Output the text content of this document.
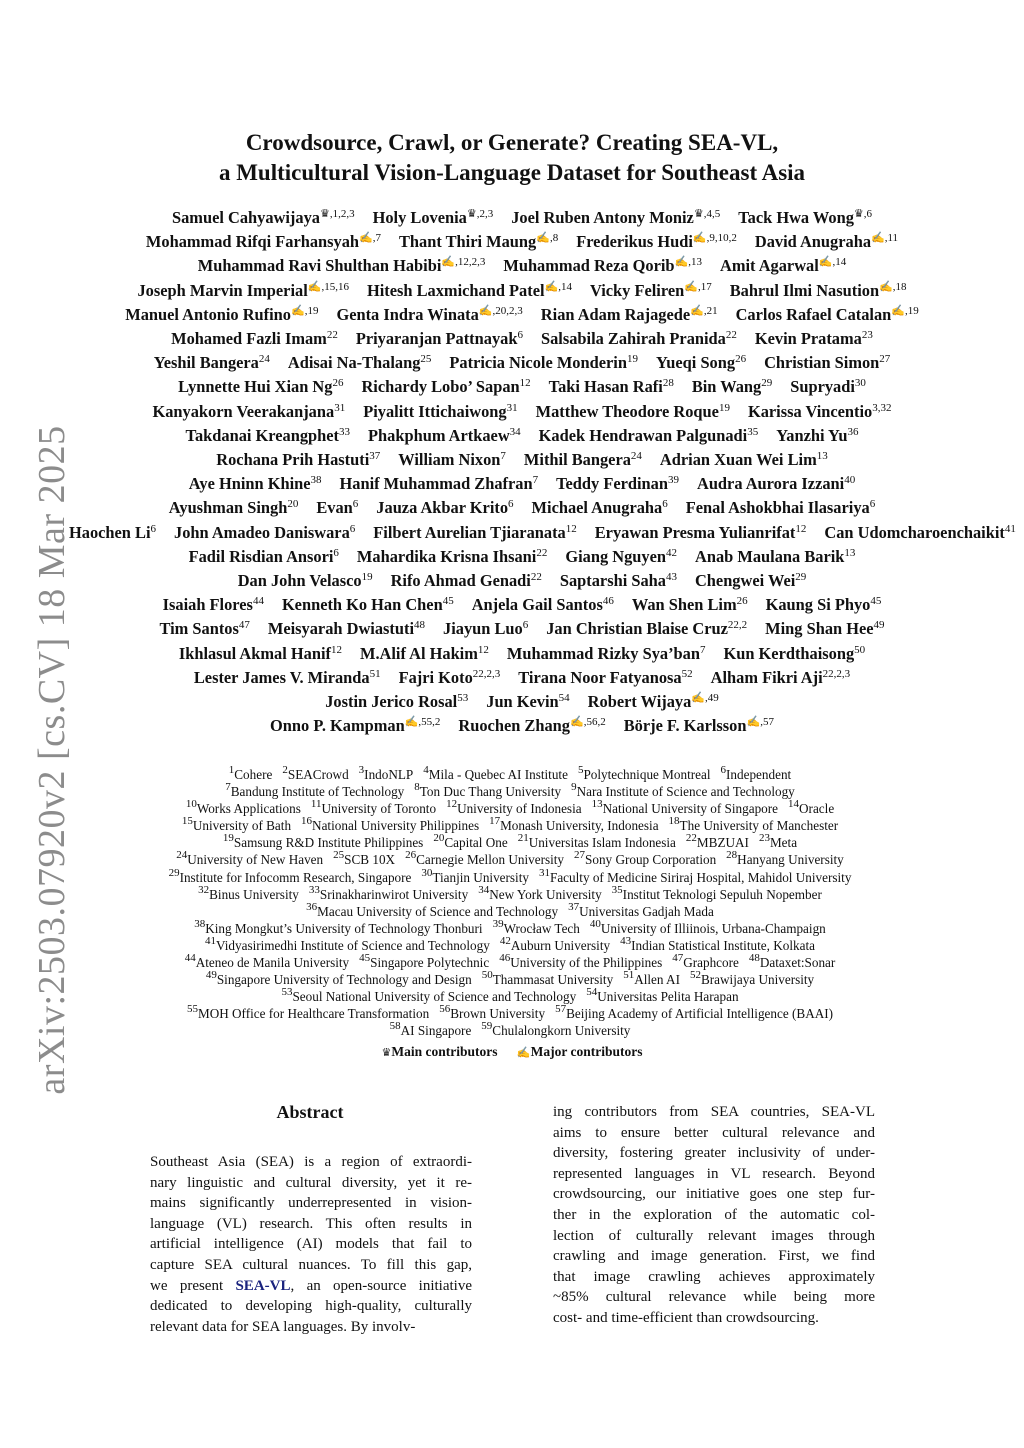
arXiv:2503.07920v2 [cs.CV] 18 Mar 2025
Crowdsource, Crawl, or Generate? Creating SEA-VL,
a Multicultural Vision-Language Dataset for Southeast Asia
Samuel Cahyawijaya$^{♛,1,2,3}$ Holy Lovenia$^{♛,2,3}$ Joel Ruben Antony Moniz$^{♛,4,5}$ Tack Hwa Wong$^{♛,6}$
Mohammad Rifqi Farhansyah$^{✍,7}$ Thant Thiri Maung$^{✍,8}$ Frederikus Hudi$^{✍,9,10,2}$ David Anugraha$^{✍,11}$
Muhammad Ravi Shulthan Habibi$^{✍,12,2,3}$ Muhammad Reza Qorib$^{✍,13}$ Amit Agarwal$^{✍,14}$
Joseph Marvin Imperial$^{✍,15,16}$ Hitesh Laxmichand Patel$^{✍,14}$ Vicky Feliren$^{✍,17}$ Bahrul Ilmi Nasution$^{✍,18}$
Manuel Antonio Rufino$^{✍,19}$ Genta Indra Winata$^{✍,20,2,3}$ Rian Adam Rajagede$^{✍,21}$ Carlos Rafael Catalan$^{✍,19}$
Mohamed Fazli Imam$^{22}$ Priyaranjan Pattnayak$^6$ Salsabila Zahirah Pranida$^{22}$ Kevin Pratama$^{23}$
Yeshil Bangera$^{24}$ Adisai Na-Thalang$^{25}$ Patricia Nicole Monderin$^{19}$ Yueqi Song$^{26}$ Christian Simon$^{27}$
Lynnette Hui Xian Ng$^{26}$ Richardy Lobo’ Sapan$^{12}$ Taki Hasan Rafi$^{28}$ Bin Wang$^{29}$ Supryadi$^{30}$
Kanyakorn Veerakanjana$^{31}$ Piyalitt Ittichaiwong$^{31}$ Matthew Theodore Roque$^{19}$ Karissa Vincentio$^{3,32}$
Takdanai Kreangphet$^{33}$ Phakphum Artkaew$^{34}$ Kadek Hendrawan Palgunadi$^{35}$ Yanzhi Yu$^{36}$
Rochana Prih Hastuti$^{37}$ William Nixon$^7$ Mithil Bangera$^{24}$ Adrian Xuan Wei Lim$^{13}$
Aye Hninn Khine$^{38}$ Hanif Muhammad Zhafran$^7$ Teddy Ferdinan$^{39}$ Audra Aurora Izzani$^{40}$
Ayushman Singh$^{20}$ Evan$^6$ Jauza Akbar Krito$^6$ Michael Anugraha$^6$ Fenal Ashokbhai Ilasariya$^6$
Haochen Li$^6$ John Amadeo Daniswara$^6$ Filbert Aurelian Tjiaranata$^{12}$ Eryawan Presma Yulianrifat$^{12}$ Can Udomcharoenchaikit$^{41}$
Fadil Risdian Ansori$^6$ Mahardika Krisna Ihsani$^{22}$ Giang Nguyen$^{42}$ Anab Maulana Barik$^{13}$
Dan John Velasco$^{19}$ Rifo Ahmad Genadi$^{22}$ Saptarshi Saha$^{43}$ Chengwei Wei$^{29}$
Isaiah Flores$^{44}$ Kenneth Ko Han Chen$^{45}$ Anjela Gail Santos$^{46}$ Wan Shen Lim$^{26}$ Kaung Si Phyo$^{45}$
Tim Santos$^{47}$ Meisyarah Dwiastuti$^{48}$ Jiayun Luo$^6$ Jan Christian Blaise Cruz$^{22,2}$ Ming Shan Hee$^{49}$
Ikhlasul Akmal Hanif$^{12}$ M.Alif Al Hakim$^{12}$ Muhammad Rizky Sya’ban$^7$ Kun Kerdthaisong$^{50}$
Lester James V. Miranda$^{51}$ Fajri Koto$^{22,2,3}$ Tirana Noor Fatyanosa$^{52}$ Alham Fikri Aji$^{22,2,3}$
Jostin Jerico Rosal$^{53}$ Jun Kevin$^{54}$ Robert Wijaya$^{✍,49}$
Onno P. Kampman$^{✍,55,2}$ Ruochen Zhang$^{✍,56,2}$ Börje F. Karlsson$^{✍,57}$
$^1$Cohere $^2$SEACrowd $^3$IndoNLP $^4$Mila - Quebec AI Institute $^5$Polytechnique Montreal $^6$Independent
$^7$Bandung Institute of Technology $^8$Ton Duc Thang University $^9$Nara Institute of Science and Technology
$^{10}$Works Applications $^{11}$University of Toronto $^{12}$University of Indonesia $^{13}$National University of Singapore $^{14}$Oracle
$^{15}$University of Bath $^{16}$National University Philippines $^{17}$Monash University, Indonesia $^{18}$The University of Manchester
$^{19}$Samsung R&D Institute Philippines $^{20}$Capital One $^{21}$Universitas Islam Indonesia $^{22}$MBZUAI $^{23}$Meta
$^{24}$University of New Haven $^{25}$SCB 10X $^{26}$Carnegie Mellon University $^{27}$Sony Group Corporation $^{28}$Hanyang University
$^{29}$Institute for Infocomm Research, Singapore $^{30}$Tianjin University $^{31}$Faculty of Medicine Siriraj Hospital, Mahidol University
$^{32}$Binus University $^{33}$Srinakharinwirot University $^{34}$New York University $^{35}$Institut Teknologi Sepuluh Nopember
$^{36}$Macau University of Science and Technology $^{37}$Universitas Gadjah Mada
$^{38}$King Mongkut’s University of Technology Thonburi $^{39}$Wrocław Tech $^{40}$University of Illiinois, Urbana-Champaign
$^{41}$Vidyasirimedhi Institute of Science and Technology $^{42}$Auburn University $^{43}$Indian Statistical Institute, Kolkata
$^{44}$Ateneo de Manila University $^{45}$Singapore Polytechnic $^{46}$University of the Philippines $^{47}$Graphcore $^{48}$Dataxet:Sonar
$^{49}$Singapore University of Technology and Design $^{50}$Thammasat University $^{51}$Allen AI $^{52}$Brawijaya University
$^{53}$Seoul National University of Science and Technology $^{54}$Universitas Pelita Harapan
$^{55}$MOH Office for Healthcare Transformation $^{56}$Brown University $^{57}$Beijing Academy of Artificial Intelligence (BAAI)
$^{58}$AI Singapore $^{59}$Chulalongkorn University
♛Main contributors ✍Major contributors
Abstract
Southeast Asia (SEA) is a region of extraordi-
nary linguistic and cultural diversity, yet it re-
mains significantly underrepresented in vision-
language (VL) research. This often results in
artificial intelligence (AI) models that fail to
capture SEA cultural nuances. To fill this gap,
we present SEA-VL, an open-source initiative
dedicated to developing high-quality, culturally
relevant data for SEA languages. By involv-
ing contributors from SEA countries, SEA-VL
aims to ensure better cultural relevance and
diversity, fostering greater inclusivity of under-
represented languages in VL research. Beyond
crowdsourcing, our initiative goes one step fur-
ther in the exploration of the automatic col-
lection of culturally relevant images through
crawling and image generation. First, we find
that image crawling achieves approximately
~85% cultural relevance while being more
cost- and time-efficient than crowdsourcing.
